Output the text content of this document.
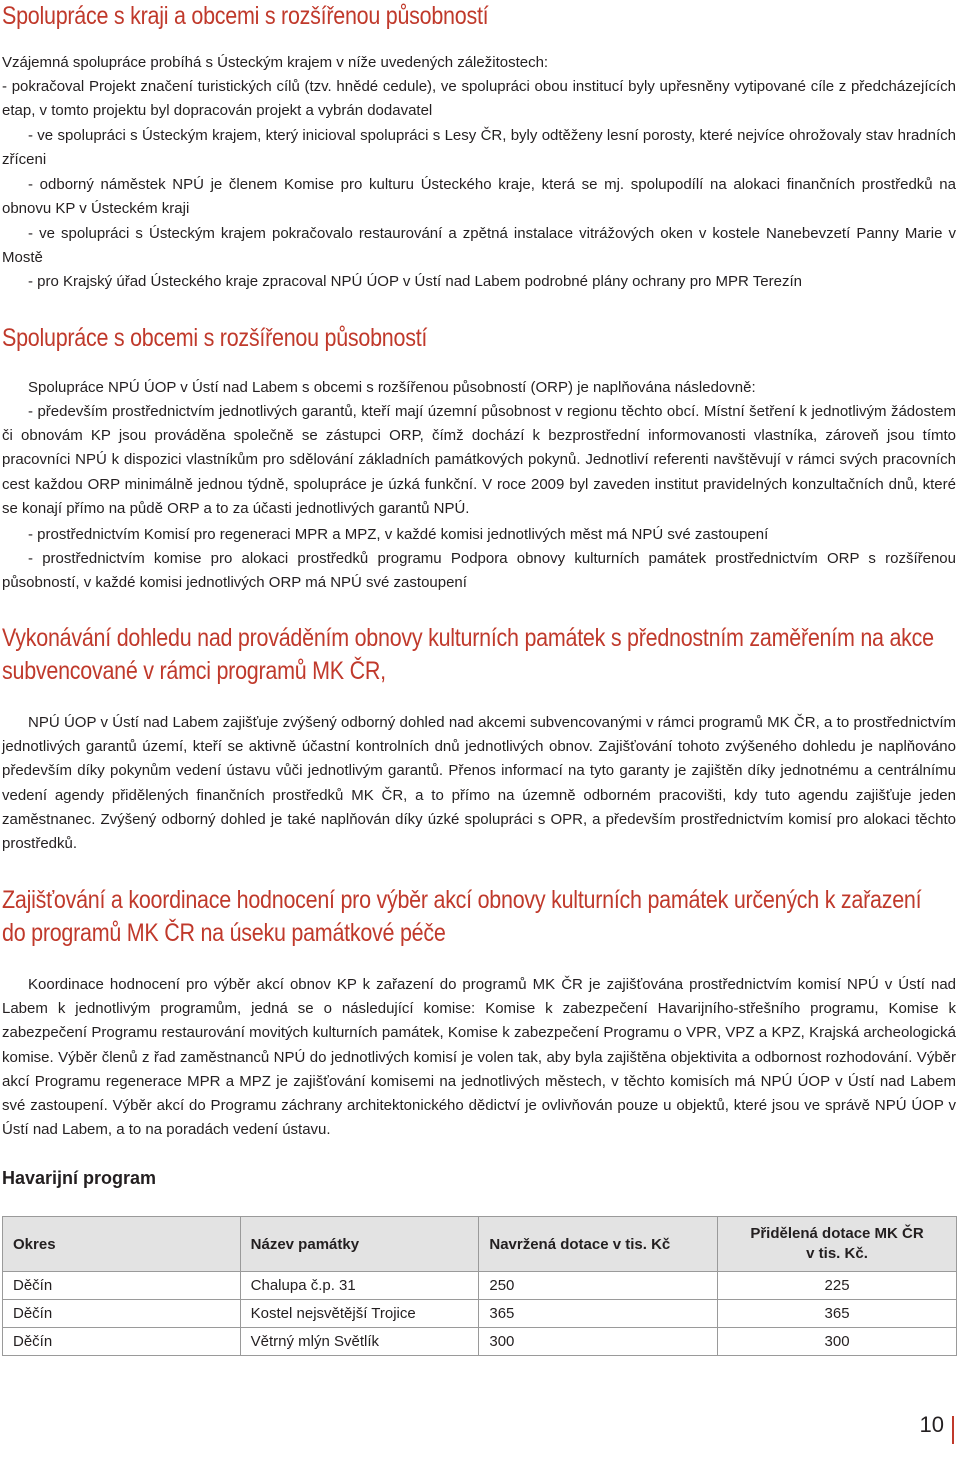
Spolupráce s kraji a obcemi s rozšířenou působností
Vzájemná spolupráce probíhá s Ústeckým krajem v níže uvedených záležitostech:
- pokračoval Projekt značení turistických cílů (tzv. hnědé cedule), ve spolupráci obou institucí byly upřesněny vytipované cíle z předcházejících etap, v tomto projektu byl dopracován projekt a vybrán dodavatel
- ve spolupráci s Ústeckým krajem, který inicioval spolupráci s Lesy ČR, byly odtěženy lesní porosty, které nejvíce ohrožovaly stav hradních zříceni
- odborný náměstek NPÚ je členem Komise pro kulturu Ústeckého kraje, která se mj. spolupodílí na alokaci finančních prostředků na obnovu KP v Ústeckém kraji
- ve spolupráci s Ústeckým krajem pokračovalo restaurování a zpětná instalace vitrážových oken v kostele Nanebevzetí Panny Marie v Mostě
- pro Krajský úřad Ústeckého kraje zpracoval NPÚ ÚOP v Ústí nad Labem podrobné plány ochrany pro MPR Terezín
Spolupráce s obcemi s rozšířenou působností
Spolupráce NPÚ ÚOP v Ústí nad Labem s obcemi s rozšířenou působností (ORP) je naplňována následovně:
- především prostřednictvím jednotlivých garantů, kteří mají územní působnost v regionu těchto obcí. Místní šetření k jednotlivým žádostem či obnovám KP jsou prováděna společně se zástupci ORP, čímž dochází k bezprostřední informovanosti vlastníka, zároveň jsou tímto pracovníci NPÚ k dispozici vlastníkům pro sdělování základních památkových pokynů. Jednotliví referenti navštěvují v rámci svých pracovních cest každou ORP minimálně jednou týdně, spolupráce je úzká funkční. V roce 2009 byl zaveden institut pravidelných konzultačních dnů, které se konají přímo na půdě ORP a to za účasti jednotlivých garantů NPÚ.
- prostřednictvím Komisí pro regeneraci MPR a MPZ, v každé komisi jednotlivých měst má NPÚ své zastoupení
- prostřednictvím komise pro alokaci prostředků programu Podpora obnovy kulturních památek prostřednictvím ORP s rozšířenou působností, v každé komisi jednotlivých ORP má NPÚ své zastoupení
Vykonávání dohledu nad prováděním obnovy kulturních památek s přednostním zaměřením na akce
subvencované v rámci programů MK ČR,
NPÚ ÚOP v Ústí nad Labem zajišťuje zvýšený odborný dohled nad akcemi subvencovanými v rámci programů MK ČR, a to prostřednictvím jednotlivých garantů území, kteří se aktivně účastní kontrolních dnů jednotlivých obnov. Zajišťování tohoto zvýšeného dohledu je naplňováno především díky pokynům vedení ústavu vůči jednotlivým garantů. Přenos informací na tyto garanty je zajištěn díky jednotnému a centrálnímu vedení agendy přidělených finančních prostředků MK ČR, a to přímo na územně odborném pracovišti, kdy tuto agendu zajišťuje jeden zaměstnanec. Zvýšený odborný dohled je také naplňován díky úzké spolupráci s OPR, a především prostřednictvím komisí pro alokaci těchto prostředků.
Zajišťování a koordinace hodnocení pro výběr akcí obnovy kulturních památek určených k zařazení
do programů MK ČR na úseku památkové péče
Koordinace hodnocení pro výběr akcí obnov KP k zařazení do programů MK ČR je zajišťována prostřednictvím komisí NPÚ v Ústí nad Labem k jednotlivým programům, jedná se o následující komise: Komise k zabezpečení Havarijního-střešního programu, Komise k zabezpečení Programu restaurování movitých kulturních památek, Komise k zabezpečení Programu o VPR, VPZ a KPZ, Krajská archeologická komise. Výběr členů z řad zaměstnanců NPÚ do jednotlivých komisí je volen tak, aby byla zajištěna objektivita a odbornost rozhodování. Výběr akcí Programu regenerace MPR a MPZ je zajišťování komisemi na jednotlivých městech, v těchto komisích má NPÚ ÚOP v Ústí nad Labem své zastoupení. Výběr akcí do Programu záchrany architektonického dědictví je ovlivňován pouze u objektů, které jsou ve správě NPÚ ÚOP v Ústí nad Labem, a to na poradách vedení ústavu.
Havarijní program
Okres	Název památky	Navržená dotace v tis. Kč	Přidělená dotace MK ČR
v tis. Kč.

Děčín	Chalupa č.p. 31	250	225
Děčín	Kostel nejsvětější Trojice	365	365
Děčín	Větrný mlýn Světlík	300	300
10
